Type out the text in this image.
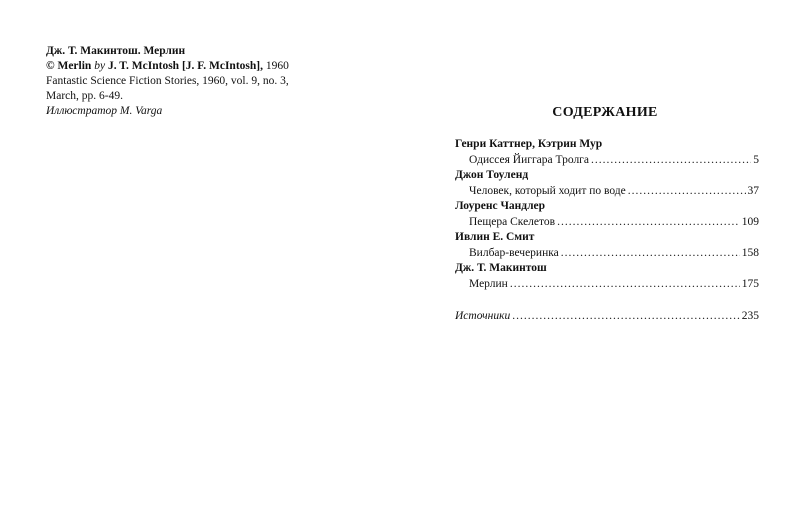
Дж. Т. Макинтош. Мерлин
© Merlin by J. T. McIntosh [J. F. McIntosh], 1960
Fantastic Science Fiction Stories, 1960, vol. 9, no. 3,
March, pp. 6-49.
Иллюстратор M. Varga	СОДЕРЖАНИЕ
Генри Каттнер, Кэтрин Мур
Одиссея Йиггара Тролга .....	5
Джон Тоуленд
Человек, который ходит по воде .....	37
Лоуренс Чандлер
Пещера Скелетов .....	109
Ивлин Е. Смит
Вилбар-вечеринка .....	158
Дж. Т. Макинтош
Мерлин .....	175
Источники .....	235
